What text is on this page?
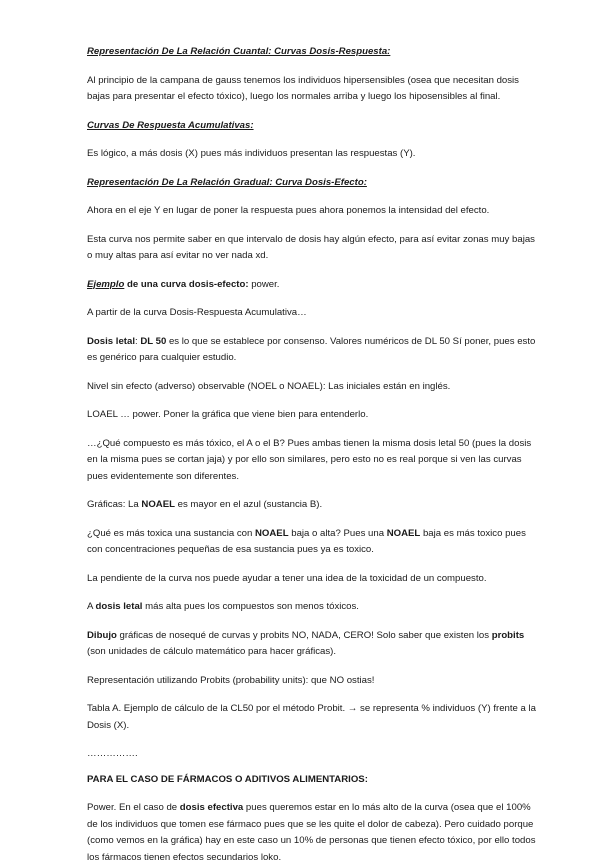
Representación De La Relación Cuantal: Curvas Dosis-Respuesta:

Al principio de la campana de gauss tenemos los individuos hipersensibles (osea que necesitan dosis bajas para presentar el efecto tóxico), luego los normales arriba y luego los hiposensibles al final.

Curvas De Respuesta Acumulativas:

Es lógico, a más dosis (X) pues más individuos presentan las respuestas (Y).

Representación De La Relación Gradual: Curva Dosis-Efecto:

Ahora en el eje Y en lugar de poner la respuesta pues ahora ponemos la intensidad del efecto.

Esta curva nos permite saber en que intervalo de dosis hay algún efecto, para así evitar zonas muy bajas o muy altas para así evitar no ver nada xd.

Ejemplo de una curva dosis-efecto: power.

A partir de la curva Dosis-Respuesta Acumulativa…

Dosis letal: DL 50 es lo que se establece por consenso. Valores numéricos de DL 50 Sí poner, pues esto es genérico para cualquier estudio.

Nivel sin efecto (adverso) observable (NOEL o NOAEL): Las iniciales están en inglés.

LOAEL … power. Poner la gráfica que viene bien para entenderlo.

…¿Qué compuesto es más tóxico, el A o el B? Pues ambas tienen la misma dosis letal 50 (pues la dosis en la misma pues se cortan jaja) y por ello son similares, pero esto no es real porque si ven las curvas pues evidentemente son diferentes.

Gráficas: La NOAEL es mayor en el azul (sustancia B).

¿Qué es más toxica una sustancia con NOAEL baja o alta? Pues una NOAEL baja es más toxico pues con concentraciones pequeñas de esa sustancia pues ya es toxico.

La pendiente de la curva nos puede ayudar a tener una idea de la toxicidad de un compuesto.

A dosis letal más alta pues los compuestos son menos tóxicos.

Dibujo gráficas de nosequé de curvas y probits NO, NADA, CERO! Solo saber que existen los probits (son unidades de cálculo matemático para hacer gráficas).

Representación utilizando Probits (probability units): que NO ostias!

Tabla A. Ejemplo de cálculo de la CL50 por el método Probit. → se representa % individuos (Y) frente a la Dosis (X).

…………….

PARA EL CASO DE FÁRMACOS O ADITIVOS ALIMENTARIOS:

Power. En el caso de dosis efectiva pues queremos estar en lo más alto de la curva (osea que el 100% de los individuos que tomen ese fármaco pues que se les quite el dolor de cabeza). Pero cuidado porque (como vemos en la gráfica) hay en este caso un 10% de personas que tienen efecto tóxico, por ello todos los fármacos tienen efectos secundarios loko.
